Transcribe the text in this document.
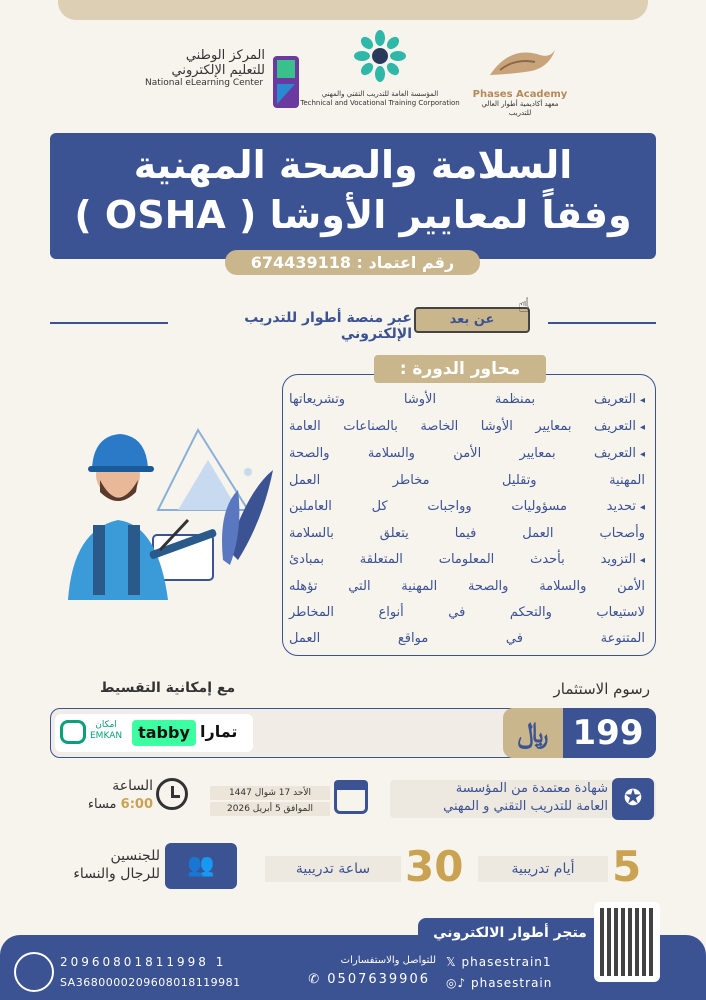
Phases Academy
معهد أكاديمية أطوار العالي للتدريب
المؤسسة العامة للتدريب التقني والمهني
Technical and Vocational Training Corporation
المركز الوطني
للتعليم الإلكتروني
National eLearning Center
السلامة والصحة المهنية
وفقاً لمعايير الأوشا ( OSHA )
رقم اعتماد : 674439118
عبر منصة أطوار للتدريب الإلكتروني
عن بعد
☝
◂ التعريف بمنظمة الأوشا وتشريعاتها
◂ التعريف بمعايير الأوشا الخاصة بالصناعات العامة
◂ التعريف بمعايير الأمن والسلامة والصحة
المهنية وتقليل مخاطر العمل
◂ تحديد مسؤوليات وواجبات كل العاملين
وأصحاب العمل فيما يتعلق بالسلامة
◂ التزويد بأحدث المعلومات المتعلقة بمبادئ
الأمن والسلامة والصحة المهنية التي تؤهله
لاستيعاب والتحكم في أنواع المخاطر
المتنوعة في مواقع العمل
محاور الدورة :
رسوم الاستثمار
مع إمكانية التقسيط
199
﷼
تمارا
tabby
امكان
EMKAN
شهادة معتمدة من المؤسسة
العامة للتدريب التقني و المهني ✪
الأحد 17 شوال 1447
الموافق 5 أبريل 2026
الساعة
6:00 مساء
5
أيام تدريبية
30
ساعة تدريبية
👥
للجنسين
للرجال والنساء
متجر أطوار الالكتروني
𝕏 phasestrain1
◎♪ phasestrain
للتواصل والاستفسارات
✆ 0507639906
20960801811998 1
SA3680000209608018119981
